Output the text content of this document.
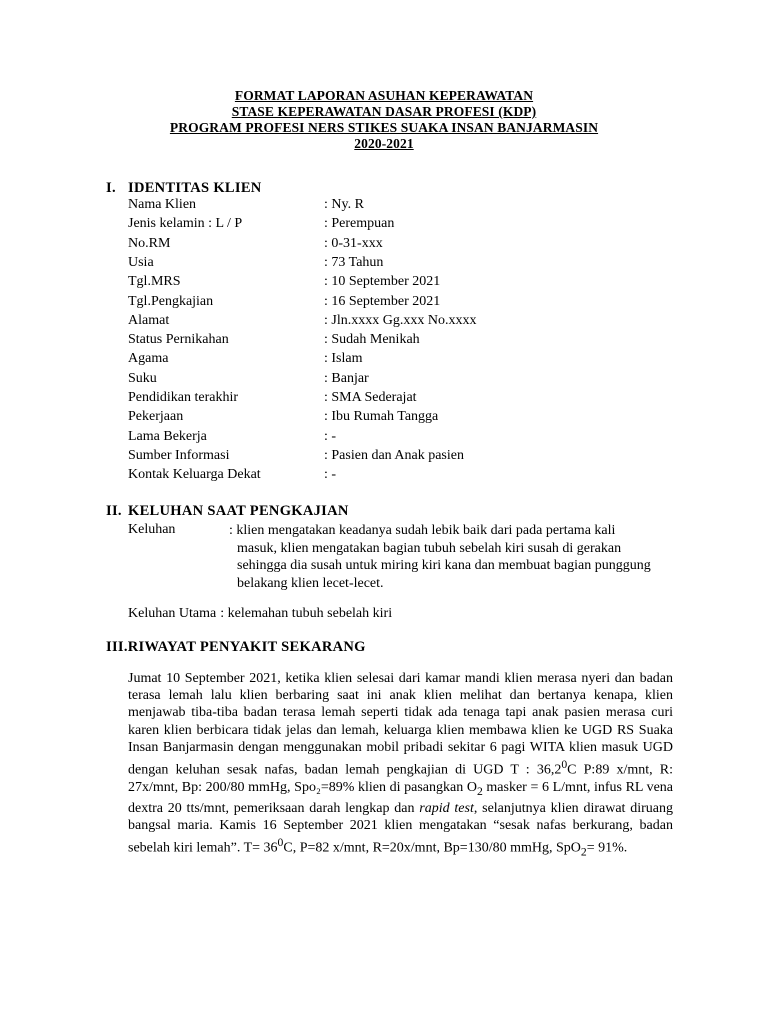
FORMAT LAPORAN ASUHAN KEPERAWATAN
STASE KEPERAWATAN DASAR PROFESI (KDP)
PROGRAM PROFESI NERS STIKES SUAKA INSAN BANJARMASIN
2020-2021
I. IDENTITAS KLIEN
Nama Klien	: Ny. R
Jenis kelamin : L / P	: Perempuan
No.RM	: 0-31-xxx
Usia	: 73 Tahun
Tgl.MRS	: 10 September 2021
Tgl.Pengkajian	: 16 September 2021
Alamat	: Jln.xxxx Gg.xxx No.xxxx
Status Pernikahan	: Sudah Menikah
Agama	: Islam
Suku	: Banjar
Pendidikan terakhir	: SMA Sederajat
Pekerjaan	: Ibu Rumah Tangga
Lama Bekerja	: -
Sumber Informasi	: Pasien dan Anak pasien
Kontak Keluarga Dekat	: -
II. KELUHAN SAAT PENGKAJIAN
Keluhan	: klien mengatakan keadanya sudah lebik baik dari pada pertama kali
masuk, klien mengatakan bagian tubuh sebelah kiri susah di gerakan sehingga dia susah untuk miring kiri kana dan membuat bagian punggung belakang klien lecet-lecet.
Keluhan Utama : kelemahan tubuh sebelah kiri
III.RIWAYAT PENYAKIT SEKARANG
Jumat 10 September 2021, ketika klien selesai dari kamar mandi klien merasa nyeri dan badan terasa lemah lalu klien berbaring saat ini anak klien melihat dan bertanya kenapa, klien menjawab tiba-tiba badan terasa lemah seperti tidak ada tenaga tapi anak pasien merasa curi karen klien berbicara tidak jelas dan lemah, keluarga klien membawa klien ke UGD RS Suaka Insan Banjarmasin dengan menggunakan mobil pribadi sekitar 6 pagi WITA klien masuk UGD dengan keluhan sesak nafas, badan lemah pengkajian di UGD T : 36,2$^0$C P:89 x/mnt, R: 27x/mnt, Bp: 200/80 mmHg, Spo₂=89% klien di pasangkan $O_2$ masker = 6 L/mnt, infus RL vena dextra 20 tts/mnt, pemeriksaan darah lengkap dan rapid test, selanjutnya klien dirawat diruang bangsal maria. Kamis 16 September 2021 klien mengatakan “sesak nafas berkurang, badan sebelah kiri lemah”. $T= 36^0C$, P=82 x/mnt, R=20x/mnt, Bp=130/80 mmHg, SpO$_2$= 91%.
